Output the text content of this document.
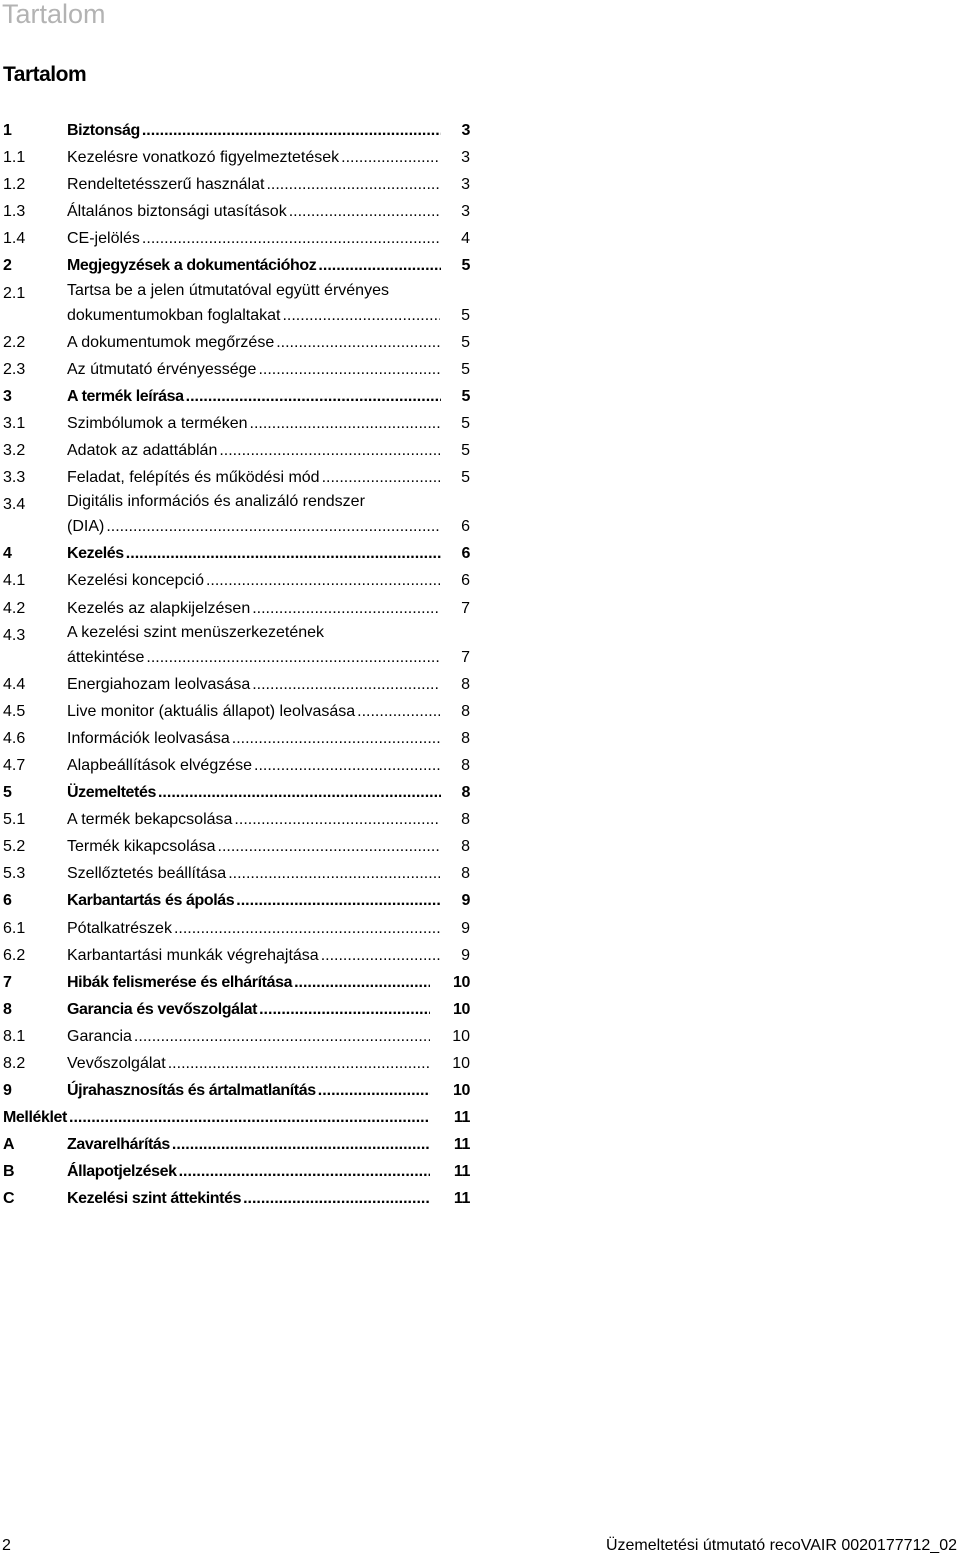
Tartalom
Tartalom
1	Biztonság .....	3
1.1	Kezelésre vonatkozó figyelmeztetések .....	3
1.2	Rendeltetésszerű használat .....	3
1.3	Általános biztonsági utasítások .....	3
1.4	CE-jelölés .....	4
2	Megjegyzések a dokumentációhoz .....	5
2.1	Tartsa be a jelen útmutatóval együtt érvényes
dokumentumokban foglaltakat .....	5
2.2	A dokumentumok megőrzése .....	5
2.3	Az útmutató érvényessége .....	5
3	A termék leírása .....	5
3.1	Szimbólumok a terméken .....	5
3.2	Adatok az adattáblán .....	5
3.3	Feladat, felépítés és működési mód .....	5
3.4	Digitális információs és analizáló rendszer
(DIA) .....	6
4	Kezelés .....	6
4.1	Kezelési koncepció .....	6
4.2	Kezelés az alapkijelzésen .....	7
4.3	A kezelési szint menüszerkezetének
áttekintése .....	7
4.4	Energiahozam leolvasása .....	8
4.5	Live monitor (aktuális állapot) leolvasása .....	8
4.6	Információk leolvasása .....	8
4.7	Alapbeállítások elvégzése .....	8
5	Üzemeltetés .....	8
5.1	A termék bekapcsolása .....	8
5.2	Termék kikapcsolása .....	8
5.3	Szellőztetés beállítása .....	8
6	Karbantartás és ápolás .....	9
6.1	Pótalkatrészek .....	9
6.2	Karbantartási munkák végrehajtása .....	9
7	Hibák felismerése és elhárítása .....	10
8	Garancia és vevőszolgálat .....	10
8.1	Garancia .....	10
8.2	Vevőszolgálat .....	10
9	Újrahasznosítás és ártalmatlanítás .....	10
Melléklet .....	11
A	Zavarelhárítás .....	11
B	Állapotjelzések .....	11
C	Kezelési szint áttekintés .....	11
2	Üzemeltetési útmutató recoVAIR 0020177712_02
